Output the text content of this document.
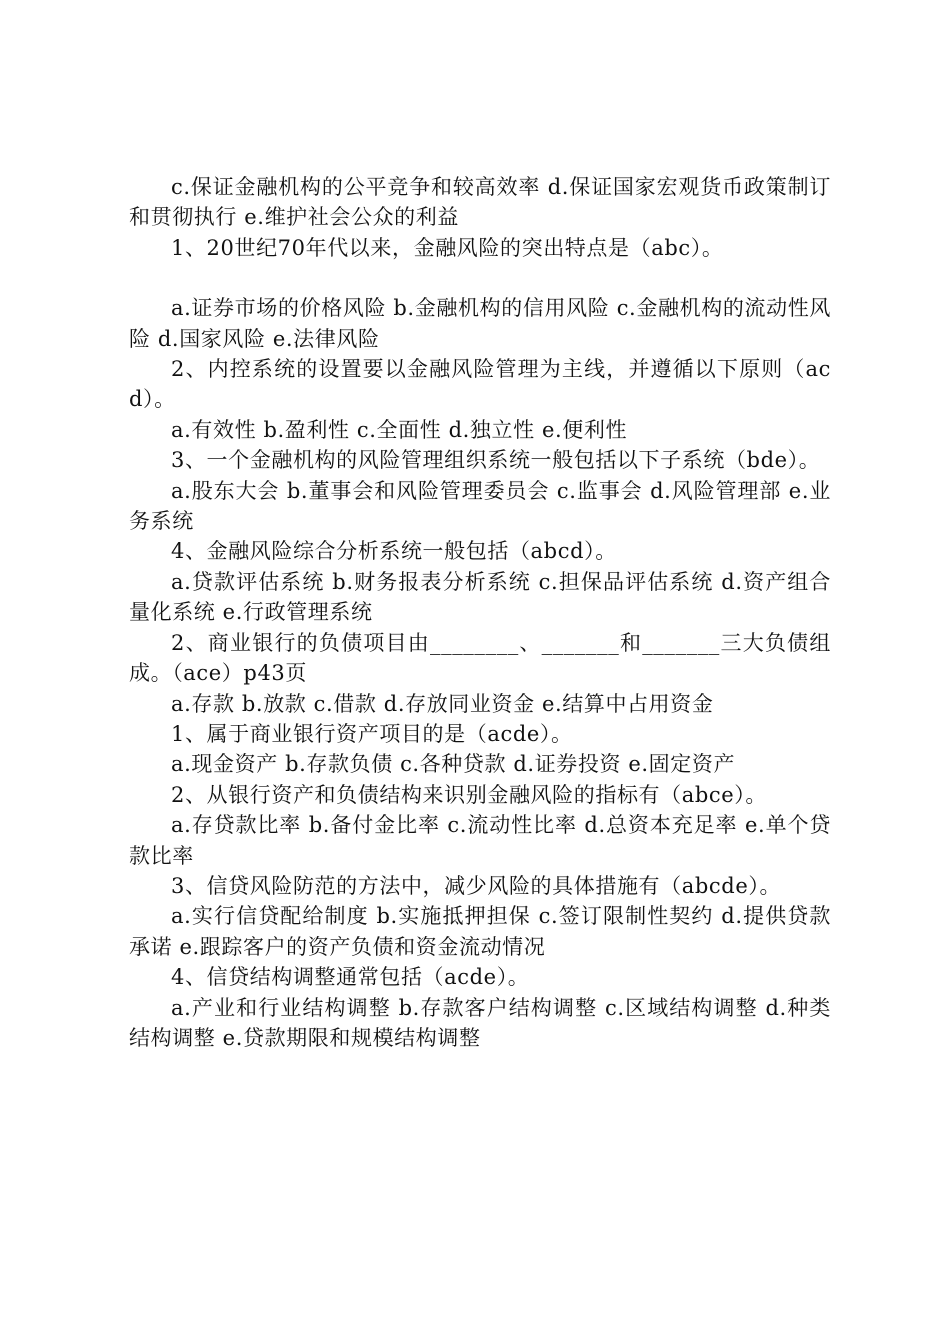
c.保证金融机构的公平竞争和较高效率 d.保证国家宏观货币政策制订和贯彻执行 e.维护社会公众的利益

1、20世纪70年代以来，金融风险的突出特点是（abc）。

a.证券市场的价格风险 b.金融机构的信用风险 c.金融机构的流动性风险 d.国家风险 e.法律风险

2、内控系统的设置要以金融风险管理为主线，并遵循以下原则（acd）。

a.有效性 b.盈利性 c.全面性 d.独立性 e.便利性

3、一个金融机构的风险管理组织系统一般包括以下子系统（bde）。

a.股东大会 b.董事会和风险管理委员会 c.监事会 d.风险管理部 e.业务系统

4、金融风险综合分析系统一般包括（abcd）。

a.贷款评估系统 b.财务报表分析系统 c.担保品评估系统 d.资产组合量化系统 e.行政管理系统

2、商业银行的负债项目由________、_______和_______三大负债组成。（ace）p43页

a.存款 b.放款 c.借款 d.存放同业资金 e.结算中占用资金

1、属于商业银行资产项目的是（acde）。

a.现金资产 b.存款负债 c.各种贷款 d.证券投资 e.固定资产

2、从银行资产和负债结构来识别金融风险的指标有（abce）。

a.存贷款比率 b.备付金比率 c.流动性比率 d.总资本充足率 e.单个贷款比率

3、信贷风险防范的方法中，减少风险的具体措施有（abcde）。

a.实行信贷配给制度 b.实施抵押担保 c.签订限制性契约 d.提供贷款承诺 e.跟踪客户的资产负债和资金流动情况

4、信贷结构调整通常包括（acde）。

a.产业和行业结构调整 b.存款客户结构调整 c.区域结构调整 d.种类结构调整 e.贷款期限和规模结构调整
